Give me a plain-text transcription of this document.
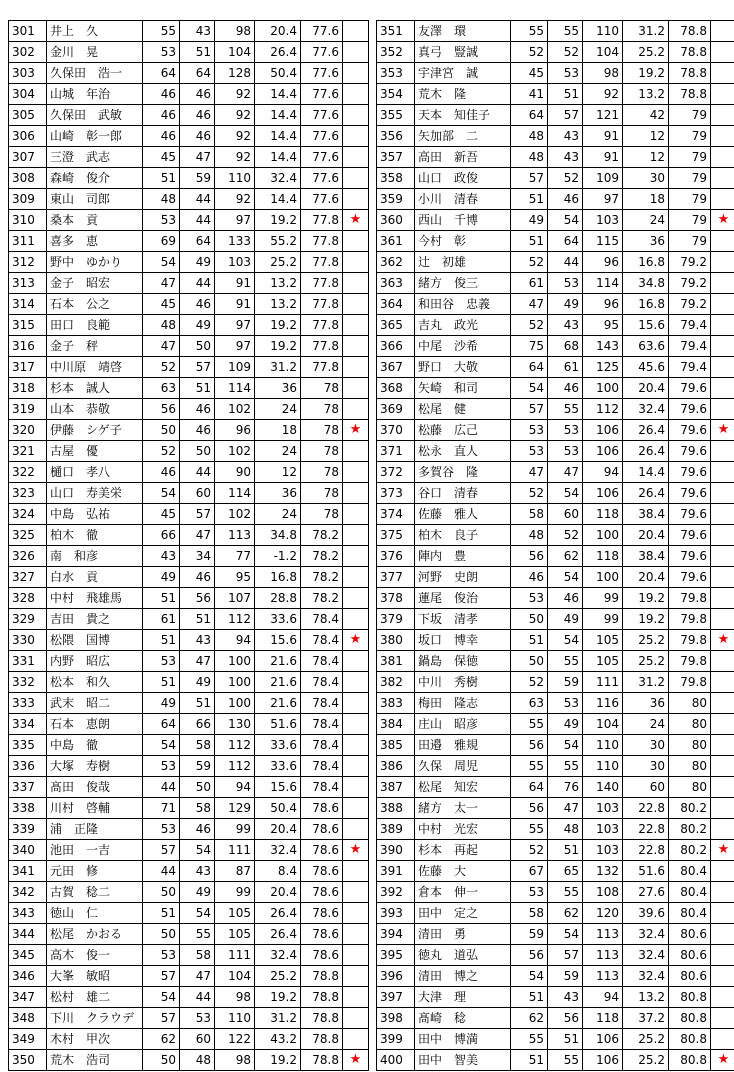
301	井上　久	55	43	98	20.4	77.6	
302	金川　晃	53	51	104	26.4	77.6	
303	久保田　浩一	64	64	128	50.4	77.6	
304	山城　年治	46	46	92	14.4	77.6	
305	久保田　武敏	46	46	92	14.4	77.6	
306	山崎　彰一郎	46	46	92	14.4	77.6	
307	三澄　武志	45	47	92	14.4	77.6	
308	森崎　俊介	51	59	110	32.4	77.6	
309	東山　司郎	48	44	92	14.4	77.6	
310	桑本　貢	53	44	97	19.2	77.8	★
311	喜多　恵	69	64	133	55.2	77.8	
312	野中　ゆかり	54	49	103	25.2	77.8	
313	金子　昭宏	47	44	91	13.2	77.8	
314	石本　公之	45	46	91	13.2	77.8	
315	田口　良範	48	49	97	19.2	77.8	
316	金子　秤	47	50	97	19.2	77.8	
317	中川原　靖啓	52	57	109	31.2	77.8	
318	杉本　誠人	63	51	114	36	78	
319	山本　恭敬	56	46	102	24	78	
320	伊藤　シゲ子	50	46	96	18	78	★
321	古屋　優	52	50	102	24	78	
322	樋口　孝八	46	44	90	12	78	
323	山口　寿美栄	54	60	114	36	78	
324	中島　弘祐	45	57	102	24	78	
325	柏木　徹	66	47	113	34.8	78.2	
326	南　和彦	43	34	77	-1.2	78.2	
327	白水　貢	49	46	95	16.8	78.2	
328	中村　飛雄馬	51	56	107	28.8	78.2	
329	吉田　貴之	61	51	112	33.6	78.4	
330	松隈　国博	51	43	94	15.6	78.4	★
331	内野　昭広	53	47	100	21.6	78.4	
332	松本　和久	51	49	100	21.6	78.4	
333	武末　昭二	49	51	100	21.6	78.4	
334	石本　恵朗	64	66	130	51.6	78.4	
335	中島　徹	54	58	112	33.6	78.4	
336	大塚　寿樹	53	59	112	33.6	78.4	
337	髙田　俊哉	44	50	94	15.6	78.4	
338	川村　啓輔	71	58	129	50.4	78.6	
339	浦　正隆	53	46	99	20.4	78.6	
340	池田　一吉	57	54	111	32.4	78.6	★
341	元田　修	44	43	87	8.4	78.6	
342	古賀　稔二	50	49	99	20.4	78.6	
343	徳山　仁	51	54	105	26.4	78.6	
344	松尾　かおる	50	55	105	26.4	78.6	
345	高木　俊一	53	58	111	32.4	78.6	
346	大峯　敏昭	57	47	104	25.2	78.8	
347	松村　雄二	54	44	98	19.2	78.8	
348	下川　クラウデ	57	53	110	31.2	78.8	
349	木村　甲次	62	60	122	43.2	78.8	
350	荒木　浩司	50	48	98	19.2	78.8	★
351	友澤　環	55	55	110	31.2	78.8	
352	真弓　豎誠	52	52	104	25.2	78.8	
353	宇津宮　誠	45	53	98	19.2	78.8	
354	荒木　隆	41	51	92	13.2	78.8	
355	天本　知佳子	64	57	121	42	79	
356	矢加部　二	48	43	91	12	79	
357	高田　新吾	48	43	91	12	79	
358	山口　政俊	57	52	109	30	79	
359	小川　清春	51	46	97	18	79	
360	西山　千博	49	54	103	24	79	★
361	今村　彰	51	64	115	36	79	
362	辻　初雄	52	44	96	16.8	79.2	
363	緒方　俊三	61	53	114	34.8	79.2	
364	和田谷　忠義	47	49	96	16.8	79.2	
365	吉丸　政光	52	43	95	15.6	79.4	
366	中尾　沙希	75	68	143	63.6	79.4	
367	野口　大敬	64	61	125	45.6	79.4	
368	矢崎　和司	54	46	100	20.4	79.6	
369	松尾　健	57	55	112	32.4	79.6	
370	松藤　広己	53	53	106	26.4	79.6	★
371	松永　直人	53	53	106	26.4	79.6	
372	多賀谷　隆	47	47	94	14.4	79.6	
373	谷口　清春	52	54	106	26.4	79.6	
374	佐藤　雅人	58	60	118	38.4	79.6	
375	柏木　良子	48	52	100	20.4	79.6	
376	陣内　豊	56	62	118	38.4	79.6	
377	河野　史朗	46	54	100	20.4	79.6	
378	蓮尾　俊治	53	46	99	19.2	79.8	
379	下坂　清孝	50	49	99	19.2	79.8	
380	坂口　博幸	51	54	105	25.2	79.8	★
381	鍋島　保徳	50	55	105	25.2	79.8	
382	中川　秀樹	52	59	111	31.2	79.8	
383	梅田　隆志	63	53	116	36	80	
384	庄山　昭彦	55	49	104	24	80	
385	田邉　雅規	56	54	110	30	80	
386	久保　周児	55	55	110	30	80	
387	松尾　知宏	64	76	140	60	80	
388	緒方　太一	56	47	103	22.8	80.2	
389	中村　光宏	55	48	103	22.8	80.2	
390	杉本　再起	52	51	103	22.8	80.2	★
391	佐藤　大	67	65	132	51.6	80.4	
392	倉本　伸一	53	55	108	27.6	80.4	
393	田中　定之	58	62	120	39.6	80.4	
394	清田　勇	59	54	113	32.4	80.6	
395	徳丸　道弘	56	57	113	32.4	80.6	
396	清田　博之	54	59	113	32.4	80.6	
397	大津　理	51	43	94	13.2	80.8	
398	髙崎　稔	62	56	118	37.2	80.8	
399	田中　博満	55	51	106	25.2	80.8	
400	田中　智美	51	55	106	25.2	80.8	★
